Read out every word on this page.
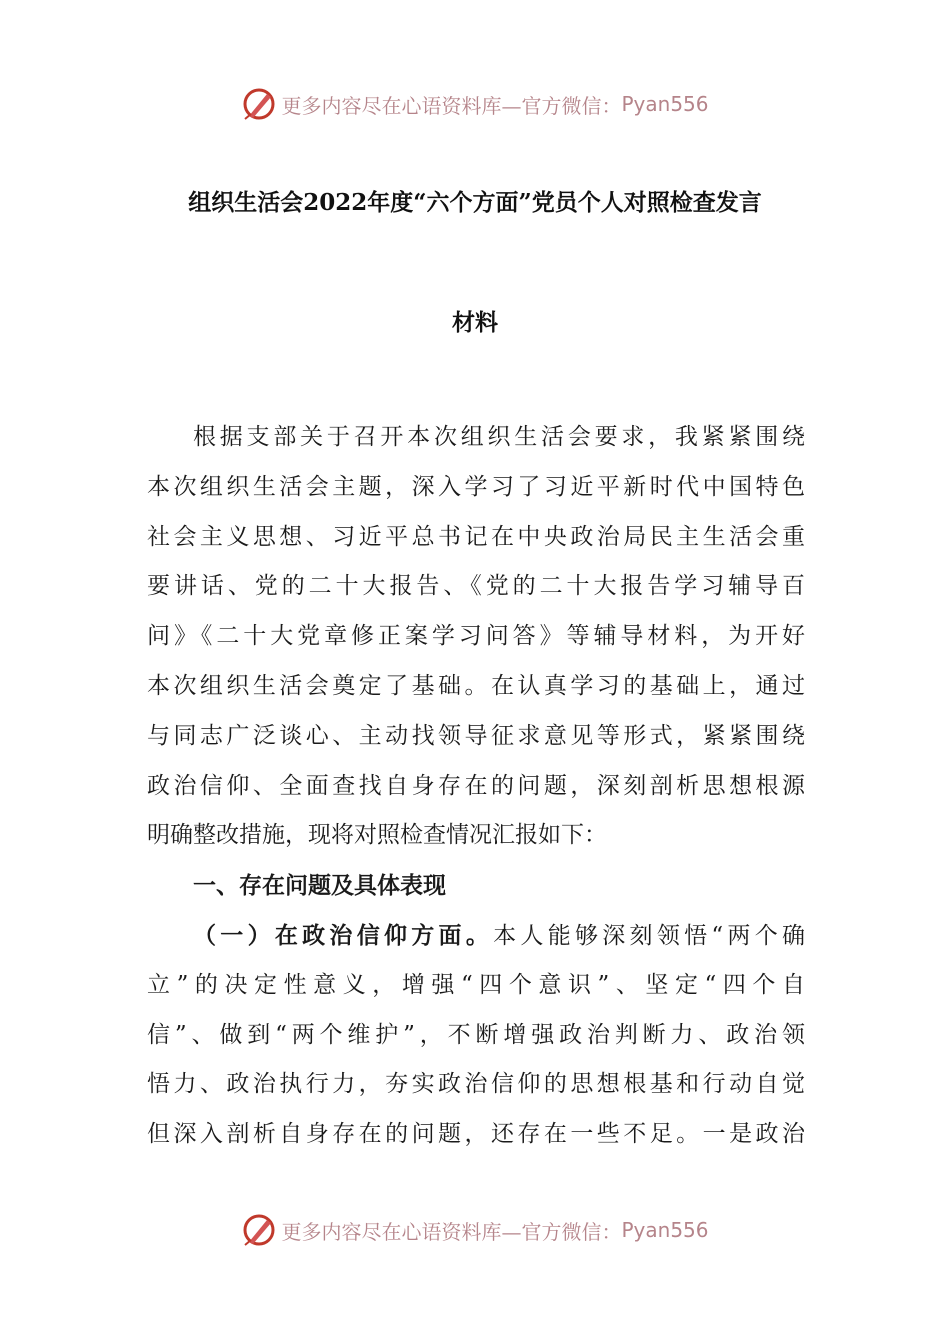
更多内容尽在心语资料库—官方微信： Pyan556
组织生活会2022年度“六个方面”党员个人对照检查发言
材料
根据支部关于召开本次组织生活会要求，我紧紧围绕
本次组织生活会主题，深入学习了习近平新时代中国特色
社会主义思想、习近平总书记在中央政治局民主生活会重
要讲话、党的二十大报告、《党的二十大报告学习辅导百
问》《二十大党章修正案学习问答》等辅导材料，为开好
本次组织生活会奠定了基础。在认真学习的基础上，通过
与同志广泛谈心、主动找领导征求意见等形式，紧紧围绕
政治信仰、全面查找自身存在的问题，深刻剖析思想根源
明确整改措施，现将对照检查情况汇报如下：
一、存在问题及具体表现
（一）在政治信仰方面。本人能够深刻领悟“两个确
立”的决定性意义，增强“四个意识”、坚定“四个自
信”、做到“两个维护”，不断增强政治判断力、政治领
悟力、政治执行力，夯实政治信仰的思想根基和行动自觉
但深入剖析自身存在的问题，还存在一些不足。一是政治
更多内容尽在心语资料库—官方微信： Pyan556
